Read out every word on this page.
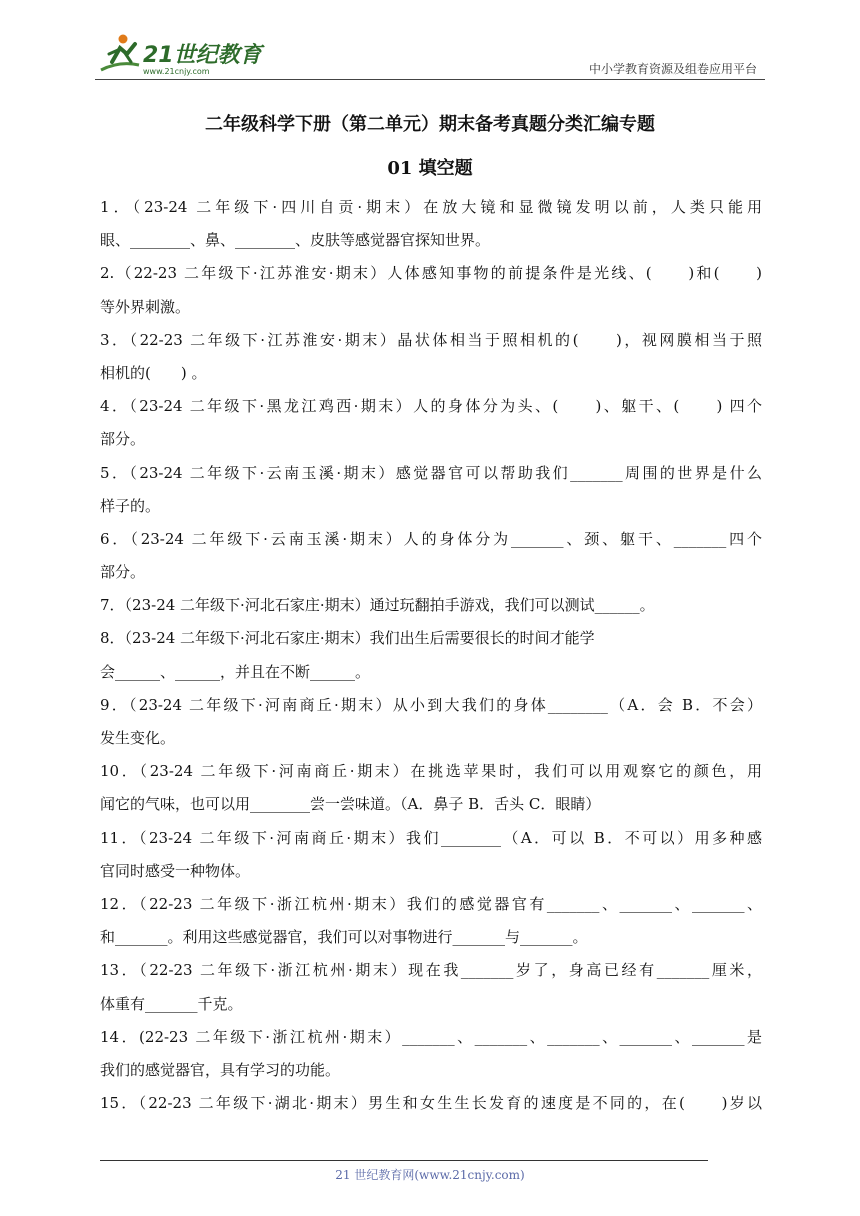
21世纪教育
www.21cnjy.com	中小学教育资源及组卷应用平台
二年级科学下册（第二单元）期末备考真题分类汇编专题
01 填空题
1．（23-24 二年级下·四川自贡·期末）在放大镜和显微镜发明以前，人类只能用
眼、________、鼻、________、皮肤等感觉器官探知世界。
2.（22-23 二年级下·江苏淮安·期末）人体感知事物的前提条件是光线、(　　)和(　　)
等外界刺激。
3．（22-23 二年级下·江苏淮安·期末）晶状体相当于照相机的(　　)，视网膜相当于照
相机的(　　) 。
4．（23-24 二年级下·黑龙江鸡西·期末）人的身体分为头、(　　)、躯干、(　　) 四个
部分。
5．（23-24 二年级下·云南玉溪·期末）感觉器官可以帮助我们_______周围的世界是什么
样子的。
6．（23-24 二年级下·云南玉溪·期末）人的身体分为_______、颈、躯干、_______四个
部分。
7．（23-24 二年级下·河北石家庄·期末）通过玩翻拍手游戏，我们可以测试______。
8．（23-24 二年级下·河北石家庄·期末）我们出生后需要很长的时间才能学
会______、______，并且在不断______。
9．（23-24 二年级下·河南商丘·期末）从小到大我们的身体________（A．会 B．不会）
发生变化。
10．（23-24 二年级下·河南商丘·期末）在挑选苹果时，我们可以用观察它的颜色，用
闻它的气味，也可以用________尝一尝味道。（A．鼻子 B．舌头 C．眼睛）
11．（23-24 二年级下·河南商丘·期末）我们________（A．可以 B．不可以）用多种感
官同时感受一种物体。
12．（22-23 二年级下·浙江杭州·期末）我们的感觉器官有_______、_______、_______、
和_______。利用这些感觉器官，我们可以对事物进行_______与_______。
13．（22-23 二年级下·浙江杭州·期末）现在我_______岁了，身高已经有_______厘米，
体重有_______千克。
14．(22-23 二年级下·浙江杭州·期末）_______、_______、_______、_______、_______是
我们的感觉器官，具有学习的功能。
15．（22-23 二年级下·湖北·期末）男生和女生生长发育的速度是不同的，在(　　)岁以
21 世纪教育网(www.21cnjy.com)
